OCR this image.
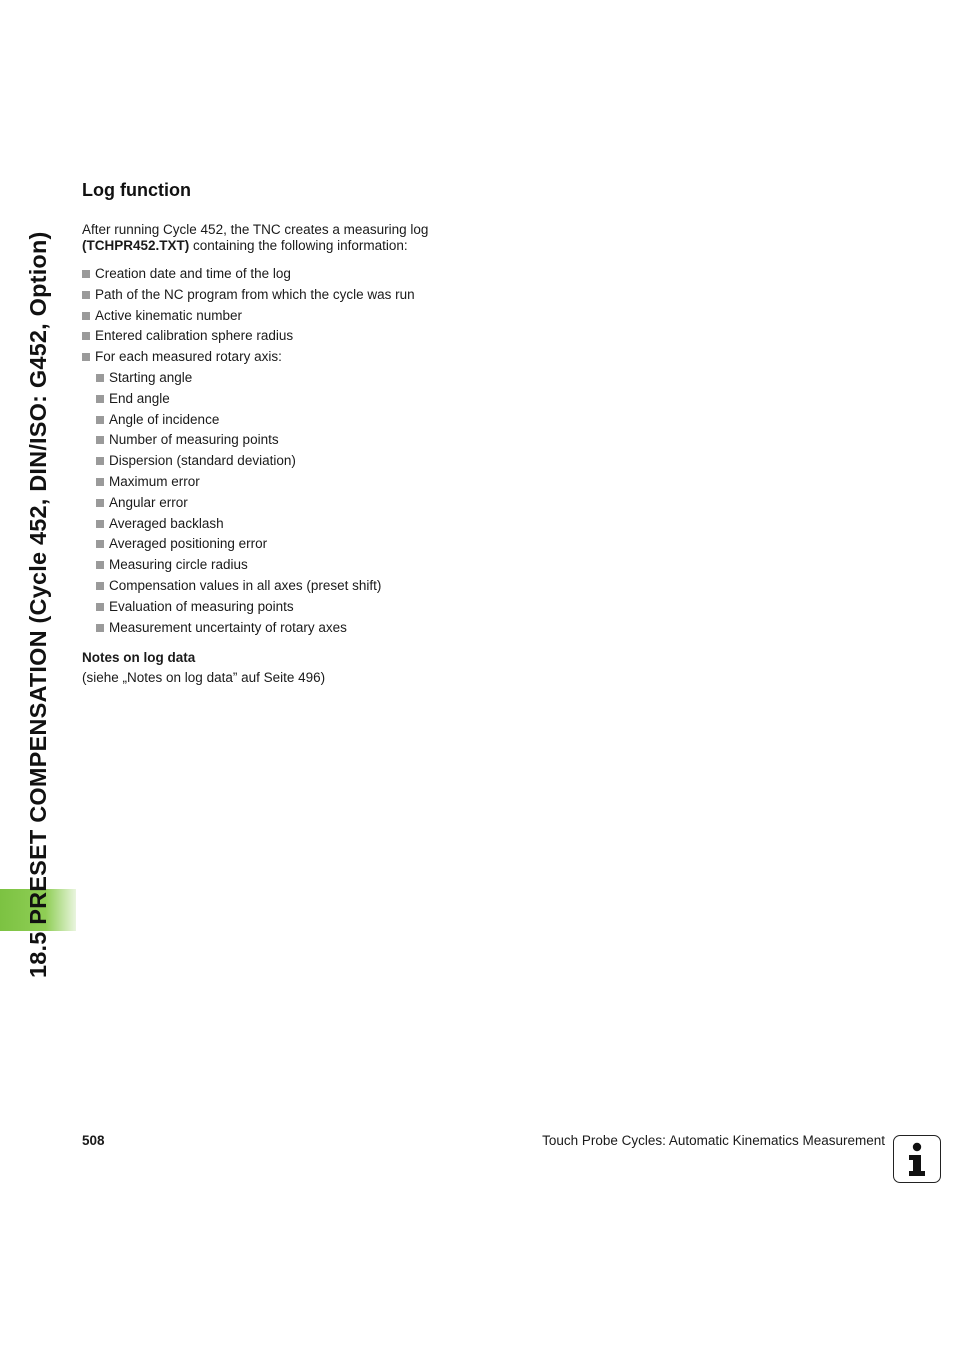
18.5 PRESET COMPENSATION (Cycle 452, DIN/ISO: G452, Option)
Log function

After running Cycle 452, the TNC creates a measuring log
(TCHPR452.TXT) containing the following information:

Creation date and time of the log
Path of the NC program from which the cycle was run
Active kinematic number
Entered calibration sphere radius
For each measured rotary axis:
Starting angle
End angle
Angle of incidence
Number of measuring points
Dispersion (standard deviation)
Maximum error
Angular error
Averaged backlash
Averaged positioning error
Measuring circle radius
Compensation values in all axes (preset shift)
Evaluation of measuring points
Measurement uncertainty of rotary axes

Notes on log data

(siehe „Notes on log data” auf Seite 496)

508	Touch Probe Cycles: Automatic Kinematics Measurement
